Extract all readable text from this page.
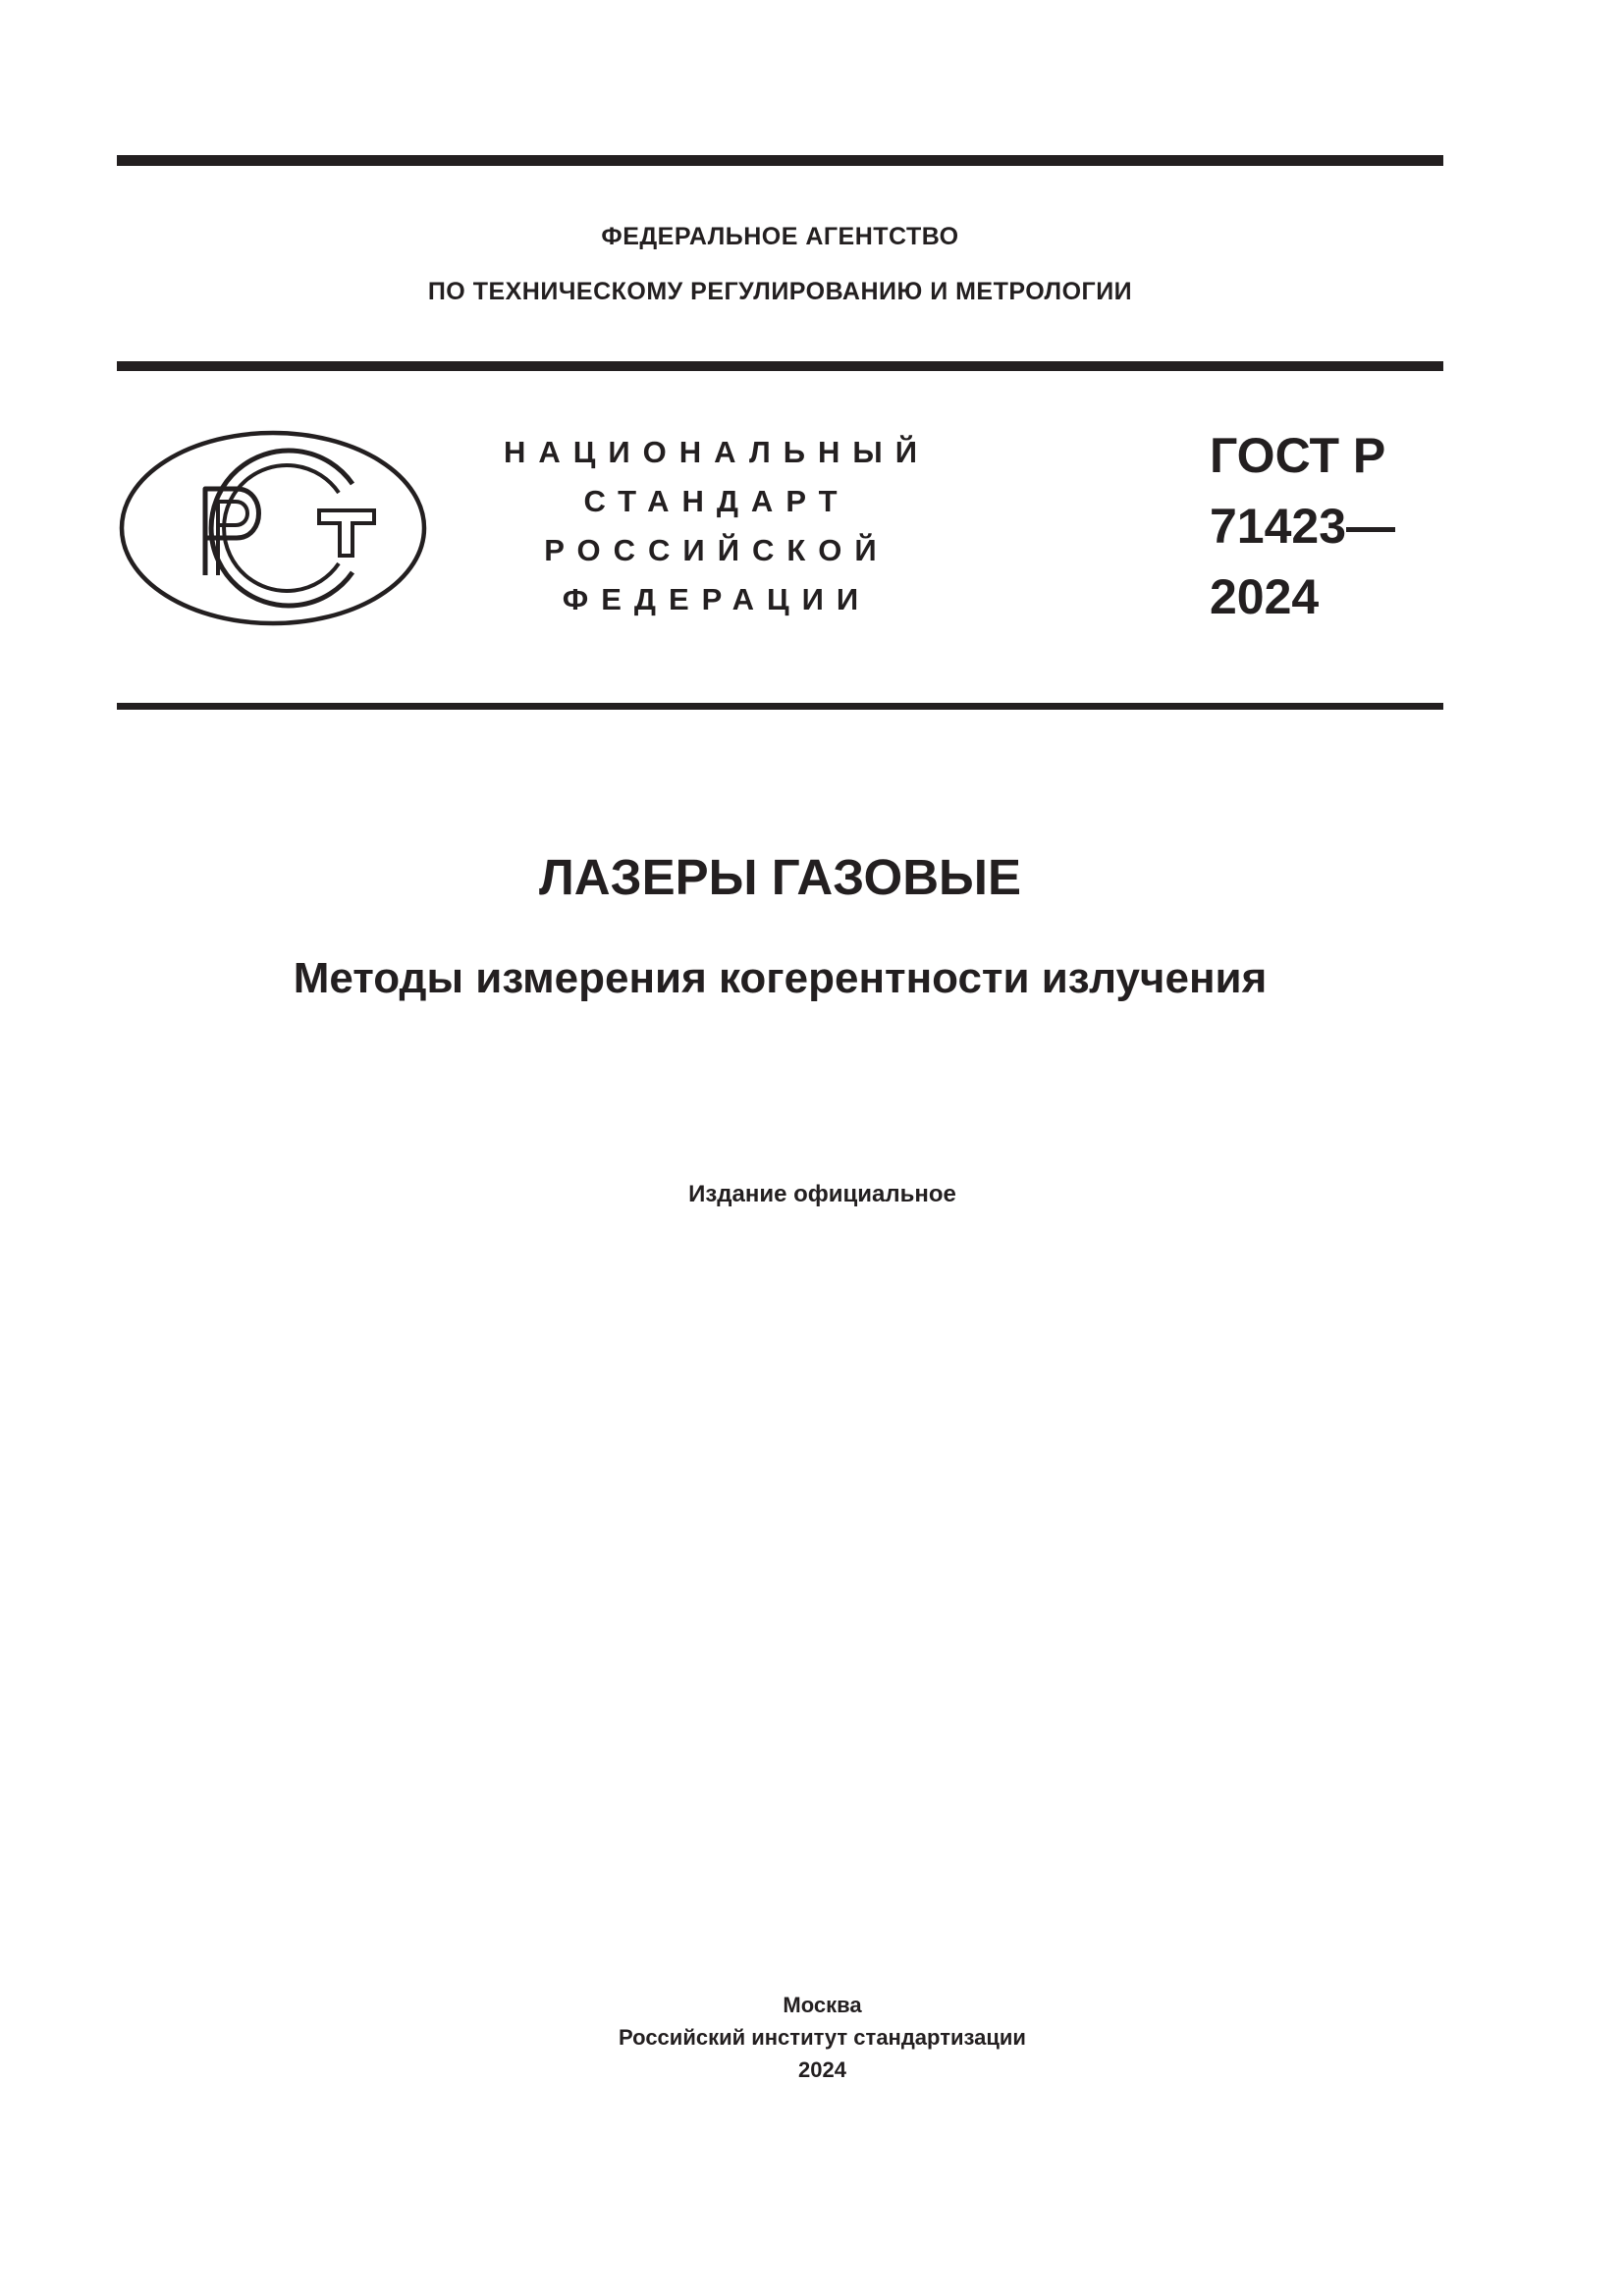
ФЕДЕРАЛЬНОЕ АГЕНТСТВО
ПО ТЕХНИЧЕСКОМУ РЕГУЛИРОВАНИЮ И МЕТРОЛОГИИ
НАЦИОНАЛЬНЫЙ
СТАНДАРТ
РОССИЙСКОЙ
ФЕДЕРАЦИИ
ГОСТ Р
71423—
2024
ЛАЗЕРЫ ГАЗОВЫЕ
Методы измерения когерентности излучения
Издание официальное
Москва
Российский институт стандартизации
2024
